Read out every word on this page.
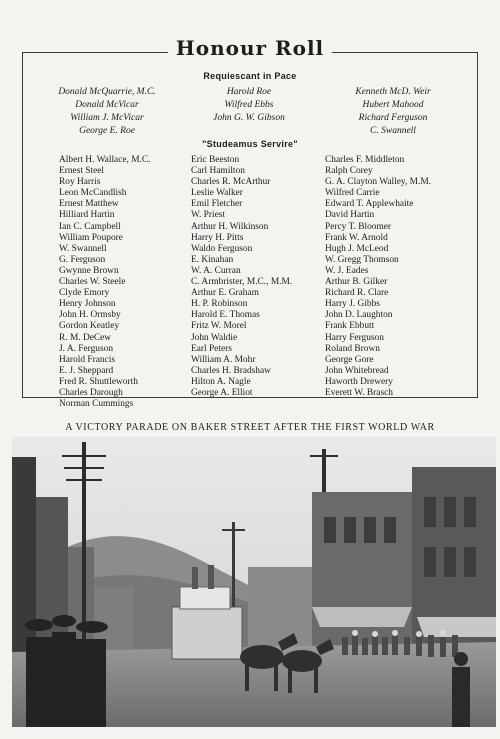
Honour Roll
Requiescant in Pace
Donald McQuarrie, M.C.
Donald McVicar
William J. McVicar
George E. Roe
Harold Roe
Wilfred Ebbs
John G. W. Gibson
Kenneth McD. Weir
Hubert Mahood
Richard Ferguson
C. Swannell
"Studeamus Servire"
Albert H. Wallace, M.C.
Ernest Steel
Roy Harris
Leon McCandlish
Ernest Matthew
Hilliard Hartin
Ian C. Campbell
William Poupore
W. Swannell
G. Ferguson
Gwynne Brown
Charles W. Steele
Clyde Emory
Henry Johnson
John H. Ormsby
Gordon Keatley
R. M. DeCew
J. A. Ferguson
Harold Francis
E. J. Sheppard
Fred R. Shuttleworth
Charles Darough
Norman Cummings
Eric Beeston
Carl Hamilton
Charles R. McArthur
Leslie Walker
Emil Fletcher
W. Priest
Arthur H. Wilkinson
Harry H. Pitts
Waldo Ferguson
E. Kinahan
W. A. Curran
C. Armbrister, M.C., M.M.
Arthur E. Graham
H. P. Robinson
Harold E. Thomas
Fritz W. Morel
John Waldie
Earl Peters
William A. Mohr
Charles H. Bradshaw
Hilton A. Nagle
George A. Elliot
Charles F. Middleton
Ralph Corey
G. A. Clayton Walley, M.M.
Wilfred Carrie
Edward T. Applewhaite
David Hartin
Percy T. Bloomer
Frank W. Arnold
Hugh J. McLeod
W. Gregg Thomson
W. J. Eades
Arthur B. Gilker
Richard R. Clare
Harry J. Gibbs
John D. Laughton
Frank Ebbutt
Harry Ferguson
Roland Brown
George Gore
John Whitebread
Haworth Drewery
Everett W. Brasch
A VICTORY PARADE ON BAKER STREET AFTER THE FIRST WORLD WAR
